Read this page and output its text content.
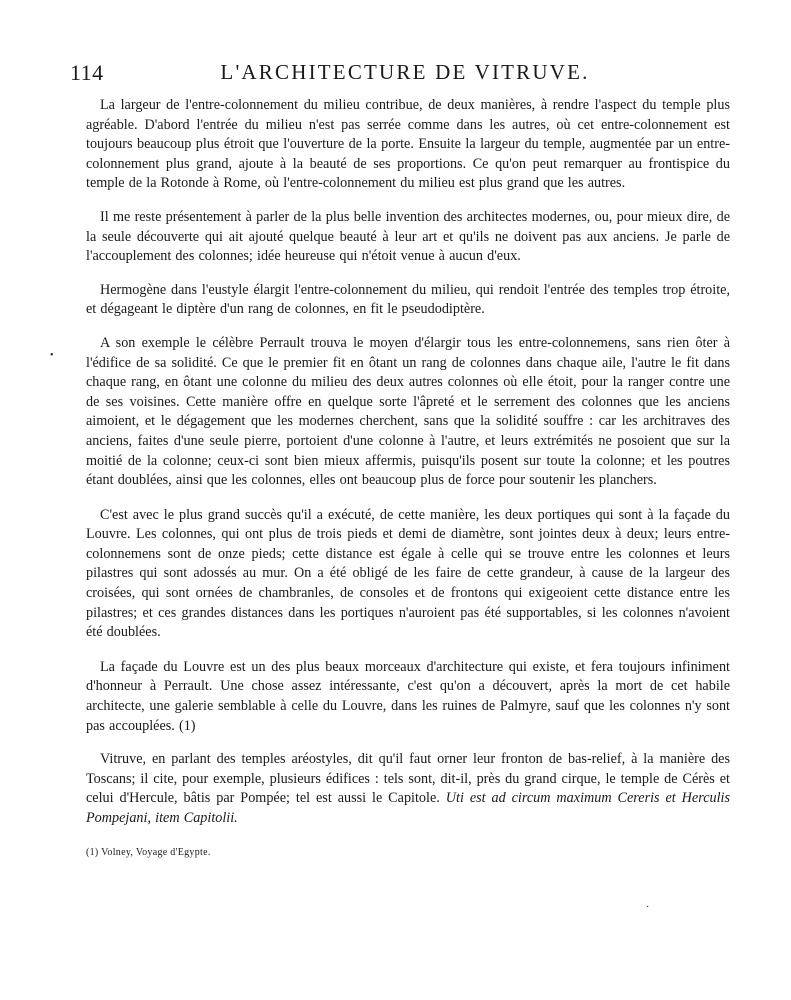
114	L'ARCHITECTURE DE VITRUVE.

La largeur de l'entre-colonnement du milieu contribue, de deux manières, à rendre l'aspect du temple plus agréable. D'abord l'entrée du milieu n'est pas serrée comme dans les autres, où cet entre-colonnement est toujours beaucoup plus étroit que l'ouverture de la porte. Ensuite la largeur du temple, augmentée par un entre-colonnement plus grand, ajoute à la beauté de ses proportions. Ce qu'on peut remarquer au frontispice du temple de la Rotonde à Rome, où l'entre-colonnement du milieu est plus grand que les autres.

Il me reste présentement à parler de la plus belle invention des architectes modernes, ou, pour mieux dire, de la seule découverte qui ait ajouté quelque beauté à leur art et qu'ils ne doivent pas aux anciens. Je parle de l'accouplement des colonnes; idée heureuse qui n'étoit venue à aucun d'eux.

Hermogène dans l'eustyle élargit l'entre-colonnement du milieu, qui rendoit l'entrée des temples trop étroite, et dégageant le diptère d'un rang de colonnes, en fit le pseudodiptère.

A son exemple le célèbre Perrault trouva le moyen d'élargir tous les entre-colonnemens, sans rien ôter à l'édifice de sa solidité. Ce que le premier fit en ôtant un rang de colonnes dans chaque aile, l'autre le fit dans chaque rang, en ôtant une colonne du milieu des deux autres colonnes où elle étoit, pour la ranger contre une de ses voisines. Cette manière offre en quelque sorte l'âpreté et le serrement des colonnes que les anciens aimoient, et le dégagement que les modernes cherchent, sans que la solidité souffre : car les architraves des anciens, faites d'une seule pierre, portoient d'une colonne à l'autre, et leurs extrémités ne posoient que sur la moitié de la colonne; ceux-ci sont bien mieux affermis, puisqu'ils posent sur toute la colonne; et les poutres étant doublées, ainsi que les colonnes, elles ont beaucoup plus de force pour soutenir les planchers.

C'est avec le plus grand succès qu'il a exécuté, de cette manière, les deux portiques qui sont à la façade du Louvre. Les colonnes, qui ont plus de trois pieds et demi de diamètre, sont jointes deux à deux; leurs entre-colonnemens sont de onze pieds; cette distance est égale à celle qui se trouve entre les colonnes et leurs pilastres qui sont adossés au mur. On a été obligé de les faire de cette grandeur, à cause de la largeur des croisées, qui sont ornées de chambranles, de consoles et de frontons qui exigeoient cette distance entre les pilastres; et ces grandes distances dans les portiques n'auroient pas été supportables, si les colonnes n'avoient été doublées.

La façade du Louvre est un des plus beaux morceaux d'architecture qui existe, et fera toujours infiniment d'honneur à Perrault. Une chose assez intéressante, c'est qu'on a découvert, après la mort de cet habile architecte, une galerie semblable à celle du Louvre, dans les ruines de Palmyre, sauf que les colonnes n'y sont pas accouplées. (1)

Vitruve, en parlant des temples aréostyles, dit qu'il faut orner leur fronton de bas-relief, à la manière des Toscans; il cite, pour exemple, plusieurs édifices : tels sont, dit-il, près du grand cirque, le temple de Cérès et celui d'Hercule, bâtis par Pompée; tel est aussi le Capitole. Uti est ad circum maximum Cereris et Herculis Pompejani, item Capitolii.

(1) Volney, Voyage d'Egypte.
•
·
